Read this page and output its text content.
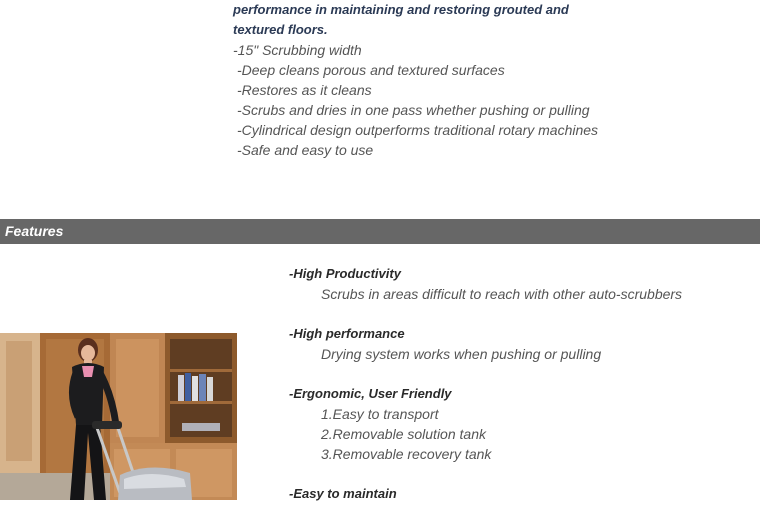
performance in maintaining and restoring grouted and
textured floors.
-15" Scrubbing width
-Deep cleans porous and textured surfaces
-Restores as it cleans
-Scrubs and dries in one pass whether pushing or pulling
-Cylindrical design outperforms traditional rotary machines
-Safe and easy to use
Features
-High Productivity
Scrubs in areas difficult to reach with other auto-scrubbers
-High performance
Drying system works when pushing or pulling
-Ergonomic, User Friendly
1.Easy to transport
2.Removable solution tank
3.Removable recovery tank
-Easy to maintain
